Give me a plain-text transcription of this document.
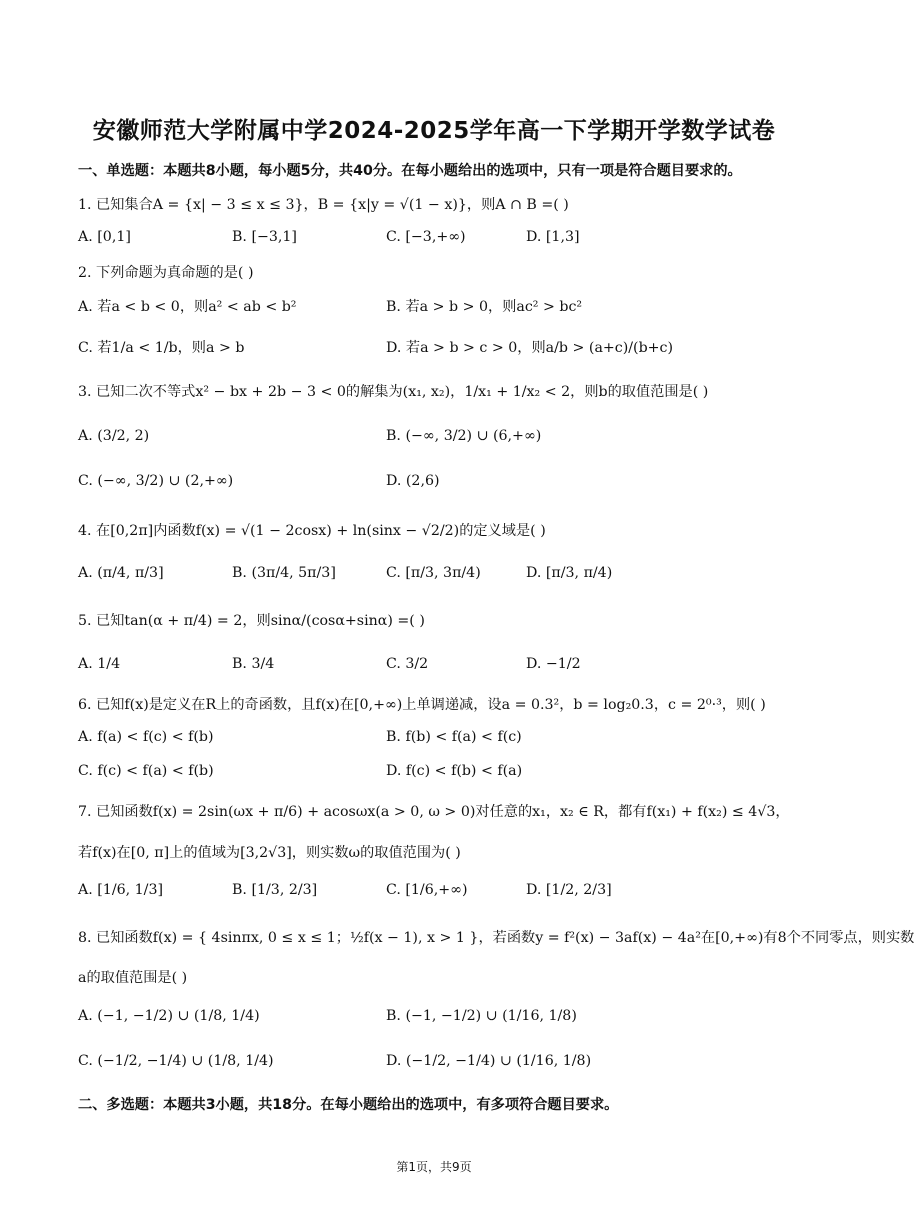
安徽师范大学附属中学2024-2025学年高一下学期开学数学试卷
一、单选题：本题共8小题，每小题5分，共40分。在每小题给出的选项中，只有一项是符合题目要求的。
1. 已知集合A = {x| − 3 ≤ x ≤ 3}，B = {x|y = √(1 − x)}，则A ∩ B =( )
A. [0,1]	B. [−3,1]	C. [−3,+∞)	D. [1,3]
2. 下列命题为真命题的是( )
A. 若a < b < 0，则a² < ab < b²	B. 若a > b > 0，则ac² > bc²
C. 若1/a < 1/b，则a > b	D. 若a > b > c > 0，则a/b > (a+c)/(b+c)
3. 已知二次不等式x² − bx + 2b − 3 < 0的解集为(x₁, x₂)，1/x₁ + 1/x₂ < 2，则b的取值范围是( )
A. (3/2, 2)	B. (−∞, 3/2) ∪ (6,+∞)
C. (−∞, 3/2) ∪ (2,+∞)	D. (2,6)
4. 在[0,2π]内函数f(x) = √(1 − 2cosx) + ln(sinx − √2/2)的定义域是( )
A. (π/4, π/3]	B. (3π/4, 5π/3]	C. [π/3, 3π/4)	D. [π/3, π/4)
5. 已知tan(α + π/4) = 2，则sinα/(cosα+sinα) =( )
A. 1/4	B. 3/4	C. 3/2	D. −1/2
6. 已知f(x)是定义在R上的奇函数，且f(x)在[0,+∞)上单调递减，设a = 0.3²，b = log₂0.3，c = 2⁰·³，则( )
A. f(a) < f(c) < f(b)	B. f(b) < f(a) < f(c)
C. f(c) < f(a) < f(b)	D. f(c) < f(b) < f(a)
7. 已知函数f(x) = 2sin(ωx + π/6) + acosωx(a > 0, ω > 0)对任意的x₁，x₂ ∈ R，都有f(x₁) + f(x₂) ≤ 4√3，
若f(x)在[0, π]上的值域为[3,2√3]，则实数ω的取值范围为( )
A. [1/6, 1/3]	B. [1/3, 2/3]	C. [1/6,+∞)	D. [1/2, 2/3]
8. 已知函数f(x) = { 4sinπx, 0 ≤ x ≤ 1；½f(x − 1), x > 1 }，若函数y = f²(x) − 3af(x) − 4a²在[0,+∞)有8个不同零点，则实数
a的取值范围是( )
A. (−1, −1/2) ∪ (1/8, 1/4)	B. (−1, −1/2) ∪ (1/16, 1/8)
C. (−1/2, −1/4) ∪ (1/8, 1/4)	D. (−1/2, −1/4) ∪ (1/16, 1/8)
二、多选题：本题共3小题，共18分。在每小题给出的选项中，有多项符合题目要求。
第1页，共9页
